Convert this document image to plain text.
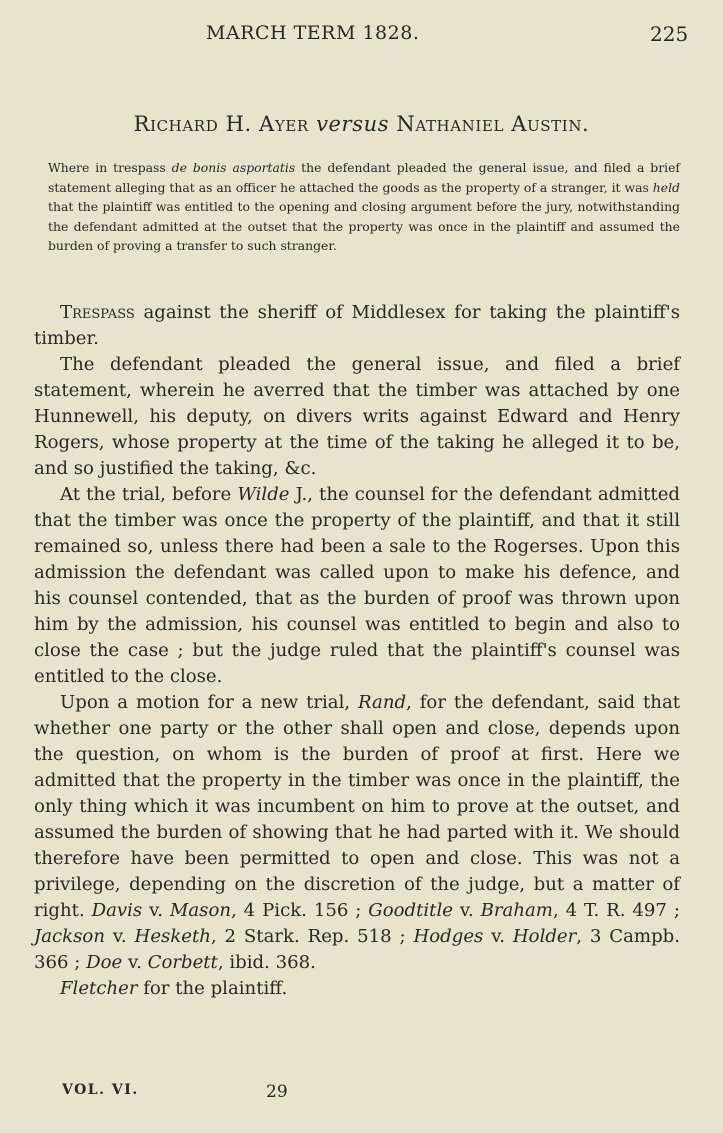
MARCH TERM 1828.	225
Richard H. Ayer versus Nathaniel Austin.

Where in trespass de bonis asportatis the defendant pleaded the general issue, and filed a brief statement alleging that as an officer he attached the goods as the property of a stranger, it was held that the plaintiff was entitled to the opening and closing argument before the jury, notwithstanding the defendant admitted at the outset that the property was once in the plaintiff and assumed the burden of proving a transfer to such stranger.

Trespass against the sheriff of Middlesex for taking the plaintiff's timber.

The defendant pleaded the general issue, and filed a brief statement, wherein he averred that the timber was attached by one Hunnewell, his deputy, on divers writs against Edward and Henry Rogers, whose property at the time of the taking he alleged it to be, and so justified the taking, &c.

At the trial, before Wilde J., the counsel for the defendant admitted that the timber was once the property of the plaintiff, and that it still remained so, unless there had been a sale to the Rogerses. Upon this admission the defendant was called upon to make his defence, and his counsel contended, that as the burden of proof was thrown upon him by the admission, his counsel was entitled to begin and also to close the case ; but the judge ruled that the plaintiff's counsel was entitled to the close.

Upon a motion for a new trial, Rand, for the defendant, said that whether one party or the other shall open and close, depends upon the question, on whom is the burden of proof at first. Here we admitted that the property in the timber was once in the plaintiff, the only thing which it was incumbent on him to prove at the outset, and assumed the burden of showing that he had parted with it. We should therefore have been permitted to open and close. This was not a privilege, depending on the discretion of the judge, but a matter of right. Davis v. Mason, 4 Pick. 156 ; Goodtitle v. Braham, 4 T. R. 497 ; Jackson v. Hesketh, 2 Stark. Rep. 518 ; Hodges v. Holder, 3 Campb. 366 ; Doe v. Corbett, ibid. 368.

Fletcher for the plaintiff.

VOL. VI.	29
